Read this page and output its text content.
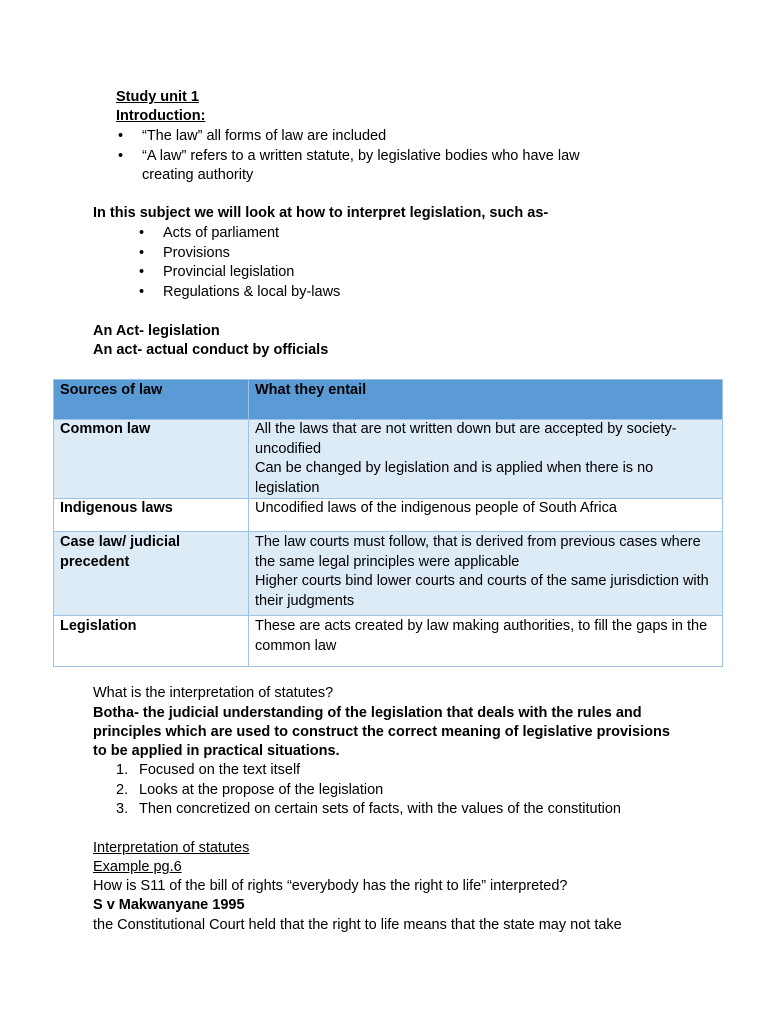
Study unit 1
Introduction:
• “The law” all forms of law are included
• “A law” refers to a written statute, by legislative bodies who have law
creating authority
In this subject we will look at how to interpret legislation, such as-
• Acts of parliament
• Provisions
• Provincial legislation
• Regulations & local by-laws
An Act- legislation
An act- actual conduct by officials
Sources of law	What they entail
Common law	All the laws that are not written down but are accepted by society-uncodified
Can be changed by legislation and is applied when there is no legislation

Indigenous laws	Uncodified laws of the indigenous people of South Africa

Case law/ judicial precedent	The law courts must follow, that is derived from previous cases where the same legal principles were applicable
Higher courts bind lower courts and courts of the same jurisdiction with their judgments

Legislation	These are acts created by law making authorities, to fill the gaps in the common law
What is the interpretation of statutes?
Botha- the judicial understanding of the legislation that deals with the rules and
principles which are used to construct the correct meaning of legislative provisions
to be applied in practical situations.
1. Focused on the text itself
2. Looks at the propose of the legislation
3. Then concretized on certain sets of facts, with the values of the constitution
Interpretation of statutes
Example pg.6
How is S11 of the bill of rights “everybody has the right to life” interpreted?
S v Makwanyane 1995
the Constitutional Court held that the right to life means that the state may not take
